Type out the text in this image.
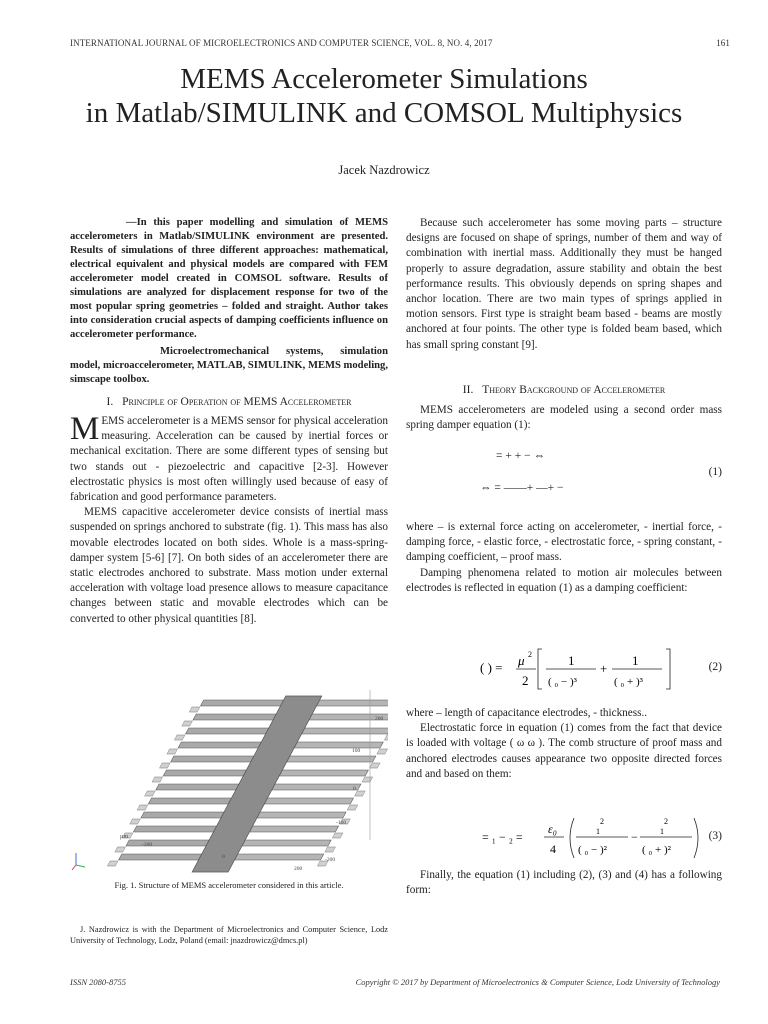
INTERNATIONAL JOURNAL OF MICROELECTRONICS AND COMPUTER SCIENCE, VOL. 8, NO. 4, 2017	161
MEMS Accelerometer Simulations
in Matlab/SIMULINK and COMSOL Multiphysics
Jacek Nazdrowicz

—In this paper modelling and simulation of MEMS accelerometers in Matlab/SIMULINK environment are presented. Results of simulations of three different approaches: mathematical, electrical equivalent and physical models are compared with FEM accelerometer model created in COMSOL software. Results of simulations are analyzed for displacement response for two of the most popular spring geometries – folded and straight. Author takes into consideration crucial aspects of damping coefficients influence on accelerometer performance.

Microelectromechanical systems, simulation model, microaccelerometer, MATLAB, SIMULINK, MEMS modeling, simscape toolbox.

I. Principle of Operation of MEMS Accelerometer

MEMS accelerometer is a MEMS sensor for physical acceleration measuring. Acceleration can be caused by inertial forces or mechanical excitation. There are some different types of sensing but two stands out - piezoelectric and capacitive [2-3]. However electrostatic physics is most often willingly used because of easy of fabrication and good performance parameters.

MEMS capacitive accelerometer device consists of inertial mass suspended on springs anchored to substrate (fig. 1). This mass has also movable electrodes located on both sides. Whole is a mass-spring-damper system [5-6] [7]. On both sides of an accelerometer there are static electrodes anchored to substrate. Mass motion under external acceleration with voltage load presence allows to measure capacitance changes between static and movable electrodes which can be converted to other physical quantities [8].

200
100
0
-100
-200
-200
0
200
µm
Fig. 1. Structure of MEMS accelerometer considered in this article.
J. Nazdrowicz is with the Department of Microelectronics and Computer Science, Lodz University of Technology, Lodz, Poland (email: jnazdrowicz@dmcs.pl)

Because such accelerometer has some moving parts – structure designs are focused on shape of springs, number of them and way of combination with inertial mass. Additionally they must be hanged properly to assure degradation, assure stability and obtain the best performance results. This obviously depends on spring shapes and anchor location. There are two main types of springs applied in motion sensors. First type is straight beam based - beams are mostly anchored at four points. The other type is folded beam based, which has small spring constant [9].

II. Theory Background of Accelerometer

MEMS accelerometers are modeled using a second order mass spring damper equation (1):

= + + − ⇔
⇔ = ——+ —+ −
(1)

where – is external force acting on accelerometer, - inertial force, - damping force, - elastic force, - electrostatic force, - spring constant, - damping coefficient, – proof mass.

Damping phenomena related to motion air molecules between electrodes is reflected in equation (1) as a damping coefficient:

( ) = μ 2
2
1
( ₀ − )³
+
1
( ₀ + )³
(2)

where – length of capacitance electrodes, - thickness..

Electrostatic force in equation (1) comes from the fact that device is loaded with voltage ( ω ω ). The comb structure of proof mass and anchored electrodes causes appearance two opposite directed forces and and based on them:

= ₁ − ₂ =
ε₀
4
2
1
( ₀ − )²
−
2
1
( ₀ + )²
(3)

Finally, the equation (1) including (2), (3) and (4) has a following form:

ISSN 2080-8755	Copyright © 2017 by Department of Microelectronics & Computer Science, Lodz University of Technology
